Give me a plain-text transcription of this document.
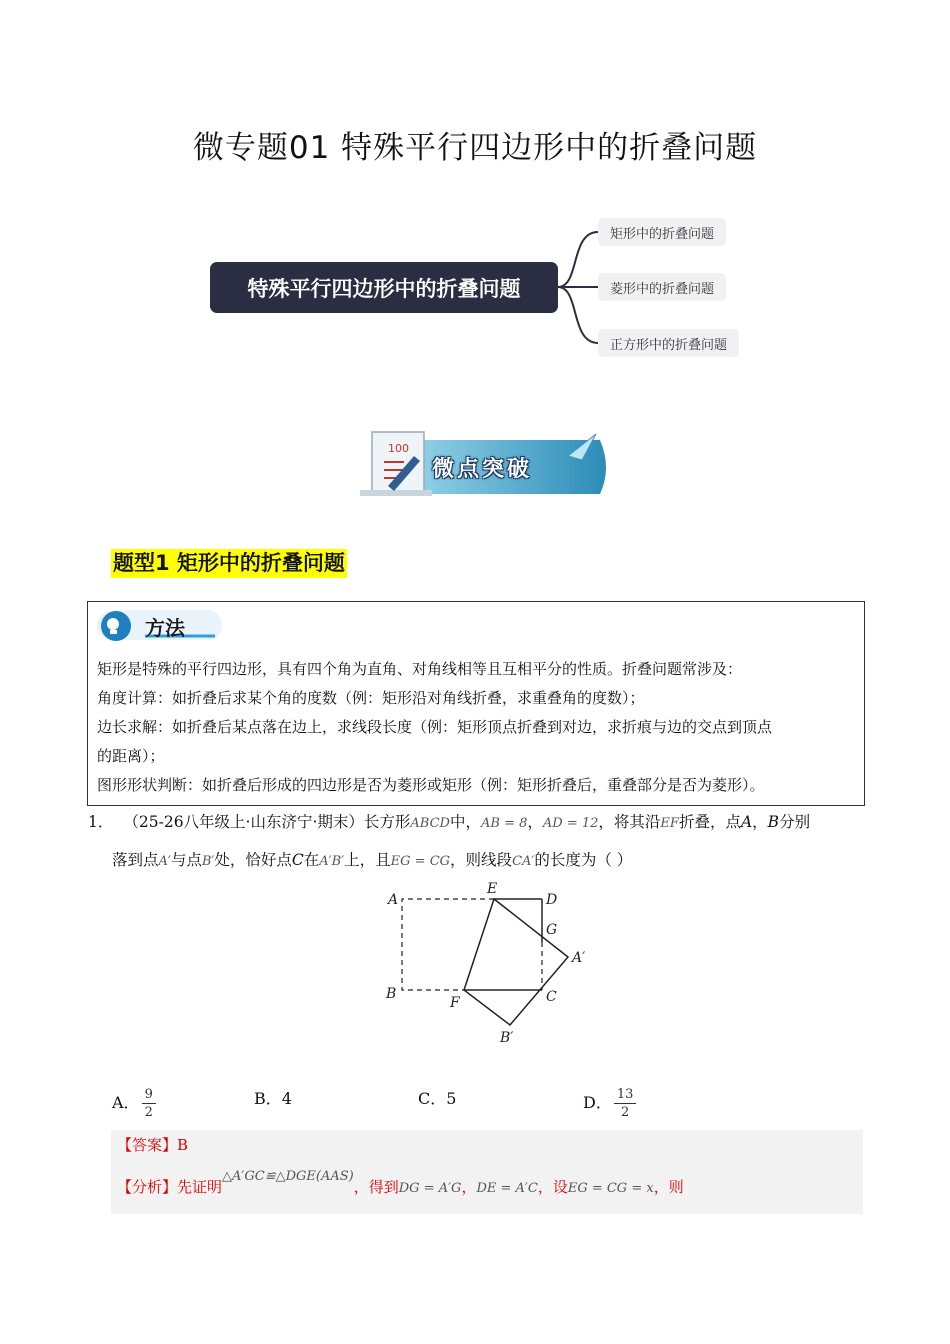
微专题01 特殊平行四边形中的折叠问题
特殊平行四边形中的折叠问题
矩形中的折叠问题
菱形中的折叠问题
正方形中的折叠问题
100
微点突破
题型1 矩形中的折叠问题
方法

矩形是特殊的平行四边形，具有四个角为直角、对角线相等且互相平分的性质。折叠问题常涉及：

角度计算：如折叠后求某个角的度数（例：矩形沿对角线折叠，求重叠角的度数）；

边长求解：如折叠后某点落在边上，求线段长度（例：矩形顶点折叠到对边，求折痕与边的交点到顶点

的距离）；

图形形状判断：如折叠后形成的四边形是否为菱形或矩形（例：矩形折叠后，重叠部分是否为菱形）。

1． （25-26八年级上·山东济宁·期末）长方形ABCD中，AB = 8，AD = 12，将其沿EF折叠，点A，B分别
落到点A′与点B′处，恰好点C在A′B′上，且EG = CG，则线段CA′的长度为（ ）
A
E
D
G
A′
B
F	C
B′
A． $\frac{9}{2}$	B．4	C．5	D． $\frac{13}{2}$
【答案】B
【分析】先证明△A′GC≌△DGE(AAS)，得到DG = A′G，DE = A′C，设EG = CG = x，则
